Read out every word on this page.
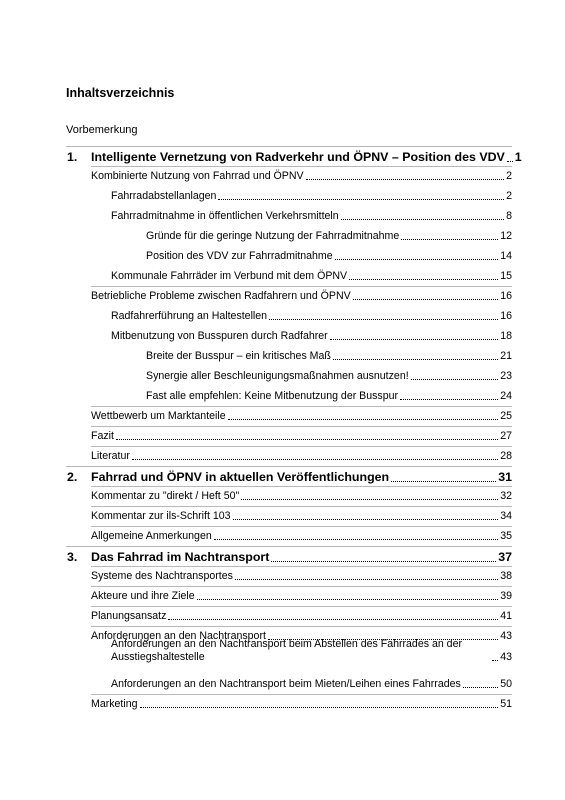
Inhaltsverzeichnis
Vorbemerkung
1. Intelligente Vernetzung von Radverkehr und ÖPNV – Position des VDV 1
Kombinierte Nutzung von Fahrrad und ÖPNV	2
Fahrradabstellanlagen	2
Fahrradmitnahme in öffentlichen Verkehrsmitteln	8
Gründe für die geringe Nutzung der Fahrradmitnahme	12
Position des VDV zur Fahrradmitnahme	14
Kommunale Fahrräder im Verbund mit dem ÖPNV	15
Betriebliche Probleme zwischen Radfahrern und ÖPNV	16
Radfahrerführung an Haltestellen	16
Mitbenutzung von Busspuren durch Radfahrer	18
Breite der Busspur – ein kritisches Maß	21
Synergie aller Beschleunigungsmaßnahmen ausnutzen!	23
Fast alle empfehlen: Keine Mitbenutzung der Busspur	24
Wettbewerb um Marktanteile	25
Fazit	27
Literatur	28
2. Fahrrad und ÖPNV in aktuellen Veröffentlichungen	31
Kommentar zu "direkt / Heft 50"	32
Kommentar zur ils-Schrift 103	34
Allgemeine Anmerkungen	35
3. Das Fahrrad im Nachtransport	37
Systeme des Nachtransportes	38
Akteure und ihre Ziele	39
Planungsansatz	41
Anforderungen an den Nachtransport	43
Anforderungen an den Nachtransport beim Abstellen des Fahrrades an der Ausstiegshaltestelle	43
Anforderungen an den Nachtransport beim Mieten/Leihen eines Fahrrades	50
Marketing	51
